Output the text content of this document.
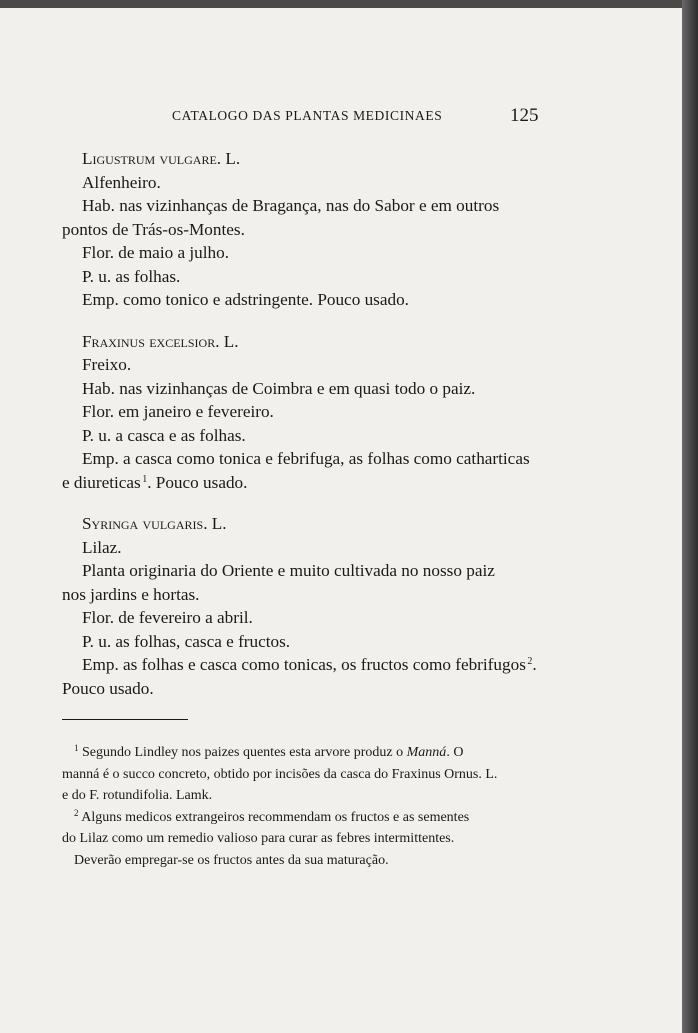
CATALOGO DAS PLANTAS MEDICINAES	125
Ligustrum vulgare. L.
Alfenheiro.
Hab. nas vizinhanças de Bragança, nas do Sabor e em outros
pontos de Trás-os-Montes.
Flor. de maio a julho.
P. u. as folhas.
Emp. como tonico e adstringente. Pouco usado.
Fraxinus excelsior. L.
Freixo.
Hab. nas vizinhanças de Coimbra e em quasi todo o paiz.
Flor. em janeiro e fevereiro.
P. u. a casca e as folhas.
Emp. a casca como tonica e febrifuga, as folhas como catharticas
e diureticas $^1$. Pouco usado.
Syringa vulgaris. L.
Lilaz.
Planta originaria do Oriente e muito cultivada no nosso paiz
nos jardins e hortas.
Flor. de fevereiro a abril.
P. u. as folhas, casca e fructos.
Emp. as folhas e casca como tonicas, os fructos como febrifugos $^2$.
Pouco usado.
$^1$ Segundo Lindley nos paizes quentes esta arvore produz o Manná. O
manná é o succo concreto, obtido por incisões da casca do Fraxinus Ornus. L.
e do F. rotundifolia. Lamk.
$^2$ Alguns medicos extrangeiros recommendam os fructos e as sementes
do Lilaz como um remedio valioso para curar as febres intermittentes.
Deverão empregar-se os fructos antes da sua maturação.
